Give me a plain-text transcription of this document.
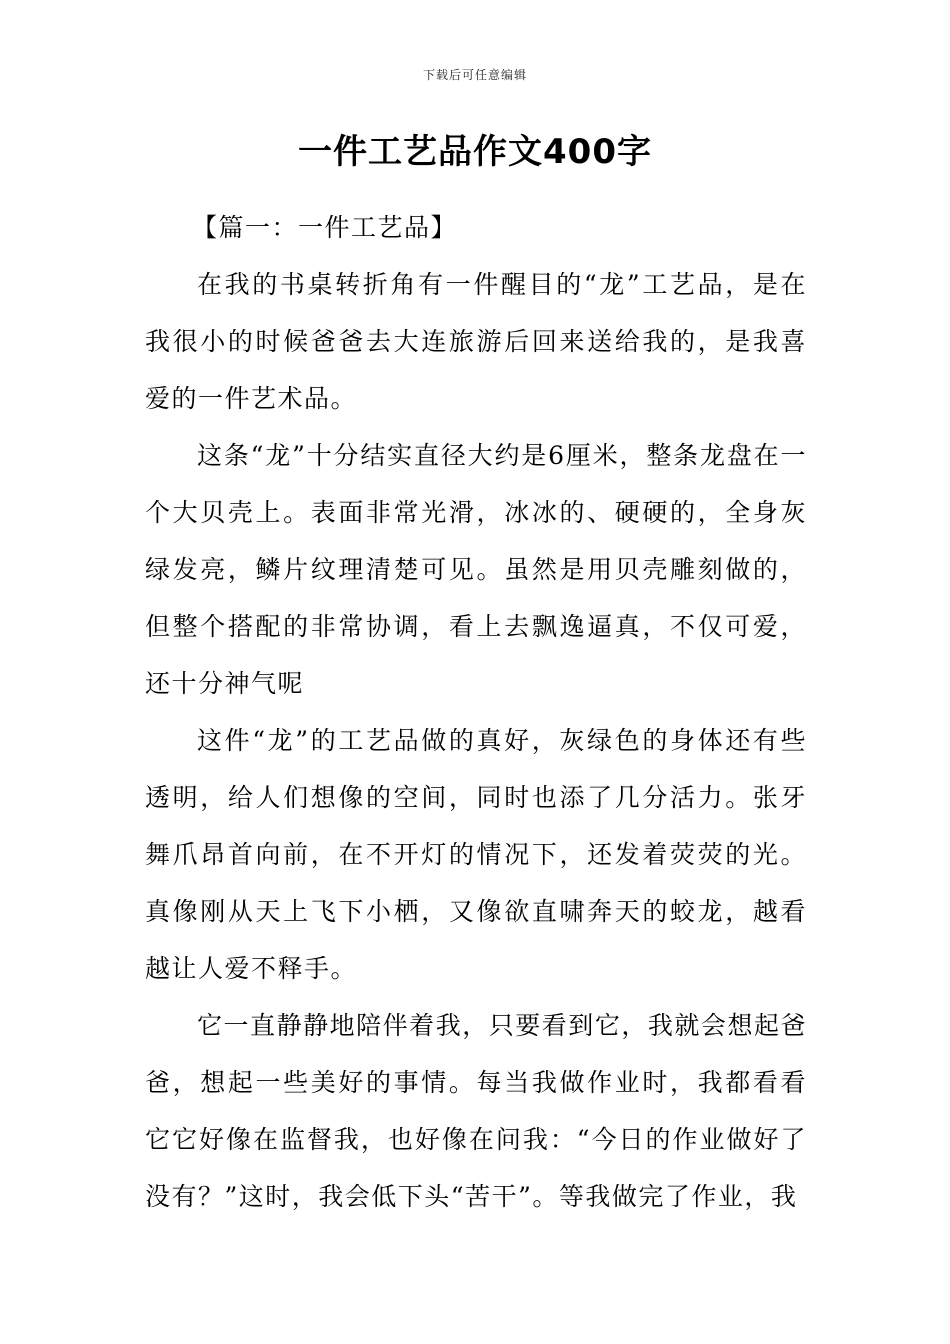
下载后可任意编辑
一件工艺品作文400字

【篇一：一件工艺品】

在我的书桌转折角有一件醒目的“龙”工艺品，是在我很小的时候爸爸去大连旅游后回来送给我的，是我喜爱的一件艺术品。

这条“龙”十分结实直径大约是6厘米，整条龙盘在一个大贝壳上。表面非常光滑，冰冰的、硬硬的，全身灰绿发亮，鳞片纹理清楚可见。虽然是用贝壳雕刻做的，但整个搭配的非常协调，看上去飘逸逼真，不仅可爱，还十分神气呢

这件“龙”的工艺品做的真好，灰绿色的身体还有些透明，给人们想像的空间，同时也添了几分活力。张牙舞爪昂首向前，在不开灯的情况下，还发着荧荧的光。真像刚从天上飞下小栖，又像欲直啸奔天的蛟龙，越看越让人爱不释手。

它一直静静地陪伴着我，只要看到它，我就会想起爸爸，想起一些美好的事情。每当我做作业时，我都看看它它好像在监督我，也好像在问我：“今日的作业做好了没有？”这时，我会低下头“苦干”。等我做完了作业，我
